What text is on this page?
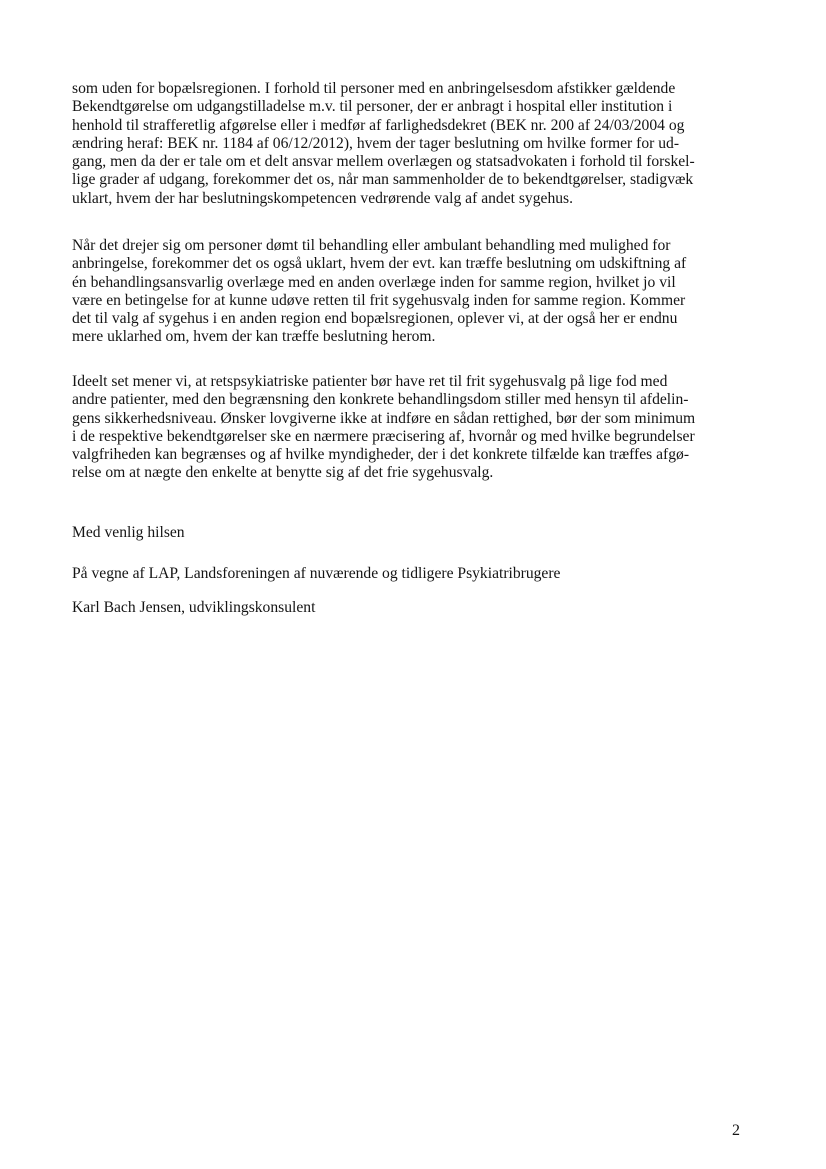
som uden for bopælsregionen. I forhold til personer med en anbringelsesdom afstikker gældende
Bekendtgørelse om udgangstilladelse m.v. til personer, der er anbragt i hospital eller institution i
henhold til strafferetlig afgørelse eller i medfør af farlighedsdekret (BEK nr. 200 af 24/03/2004 og
ændring heraf: BEK nr. 1184 af 06/12/2012), hvem der tager beslutning om hvilke former for ud-
gang, men da der er tale om et delt ansvar mellem overlægen og statsadvokaten i forhold til forskel-
lige grader af udgang, forekommer det os, når man sammenholder de to bekendtgørelser, stadigvæk
uklart, hvem der har beslutningskompetencen vedrørende valg af andet sygehus.

Når det drejer sig om personer dømt til behandling eller ambulant behandling med mulighed for
anbringelse, forekommer det os også uklart, hvem der evt. kan træffe beslutning om udskiftning af
én behandlingsansvarlig overlæge med en anden overlæge inden for samme region, hvilket jo vil
være en betingelse for at kunne udøve retten til frit sygehusvalg inden for samme region. Kommer
det til valg af sygehus i en anden region end bopælsregionen, oplever vi, at der også her er endnu
mere uklarhed om, hvem der kan træffe beslutning herom.

Ideelt set mener vi, at retspsykiatriske patienter bør have ret til frit sygehusvalg på lige fod med
andre patienter, med den begrænsning den konkrete behandlingsdom stiller med hensyn til afdelin-
gens sikkerhedsniveau. Ønsker lovgiverne ikke at indføre en sådan rettighed, bør der som minimum
i de respektive bekendtgørelser ske en nærmere præcisering af, hvornår og med hvilke begrundelser
valgfriheden kan begrænses og af hvilke myndigheder, der i det konkrete tilfælde kan træffes afgø-
relse om at nægte den enkelte at benytte sig af det frie sygehusvalg.

Med venlig hilsen
På vegne af LAP, Landsforeningen af nuværende og tidligere Psykiatribrugere
Karl Bach Jensen, udviklingskonsulent
2
